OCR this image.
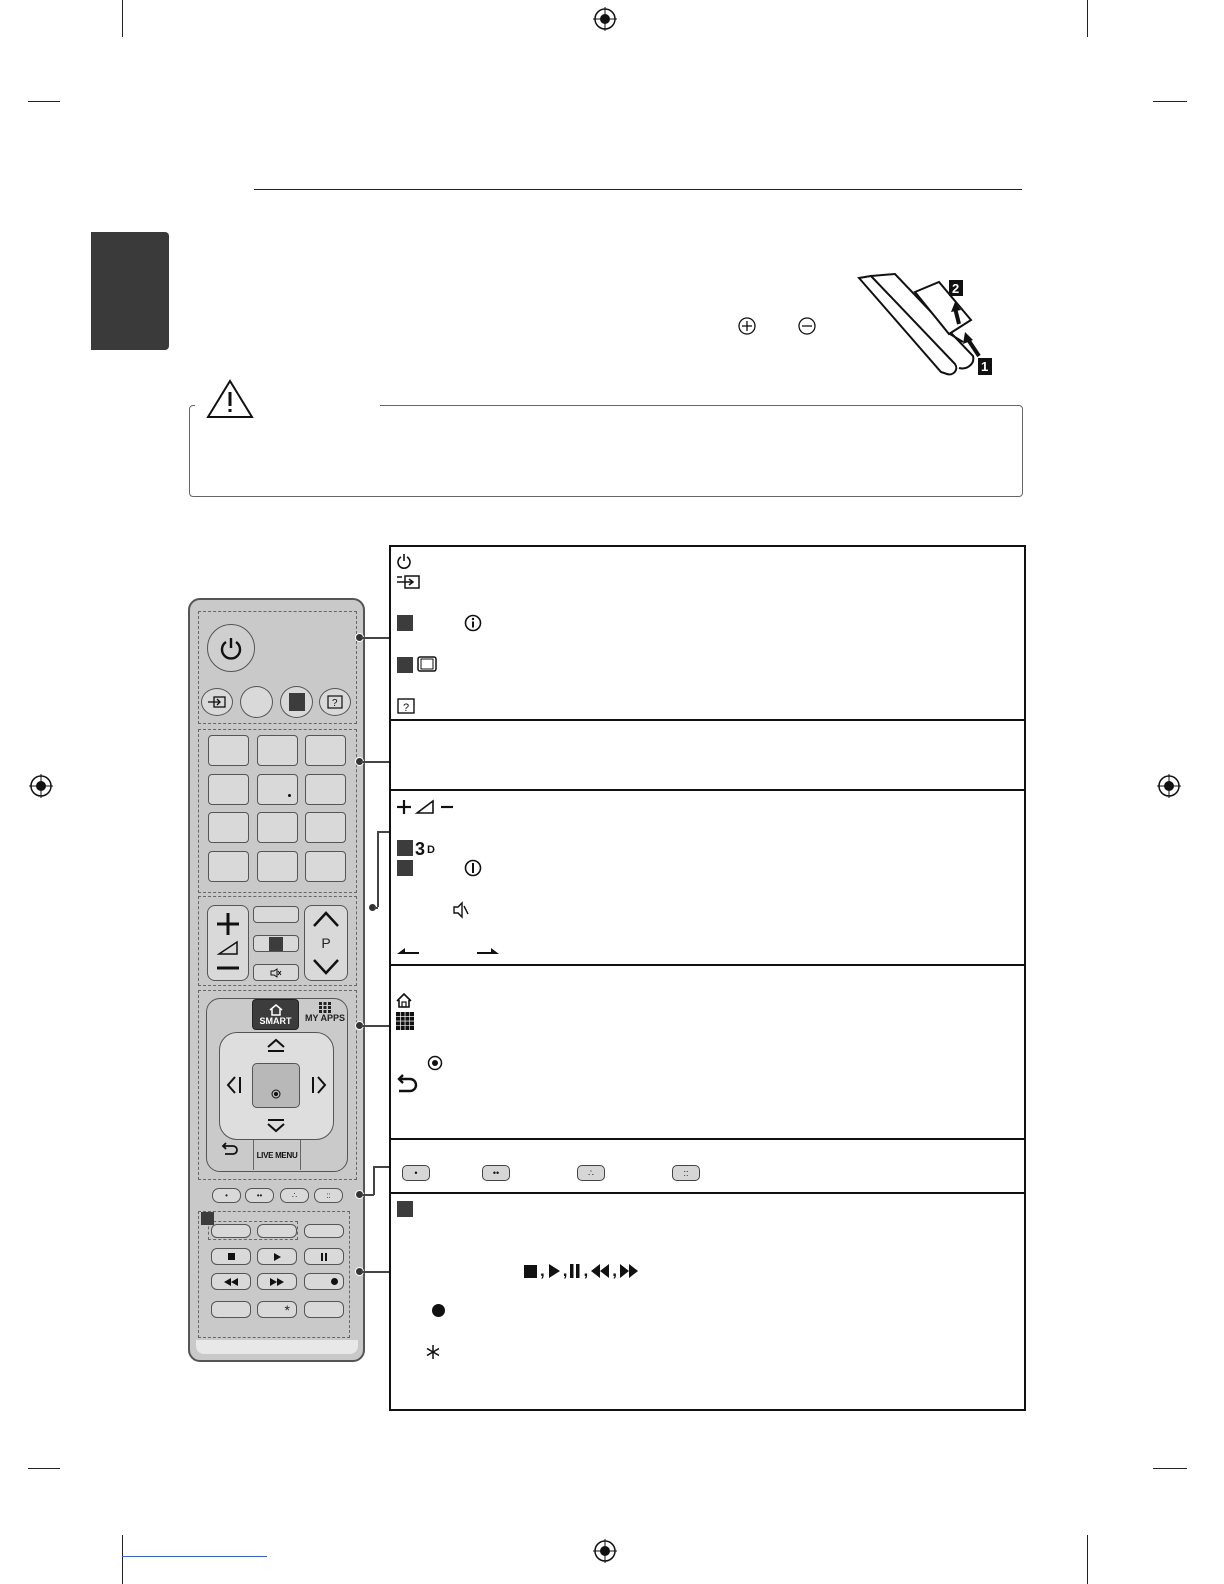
2
1
?
P
SMART MY APPS
LIVE MENU
•	••	∴	::
*
?
3 D
•	••	∴	::
, , , ,
